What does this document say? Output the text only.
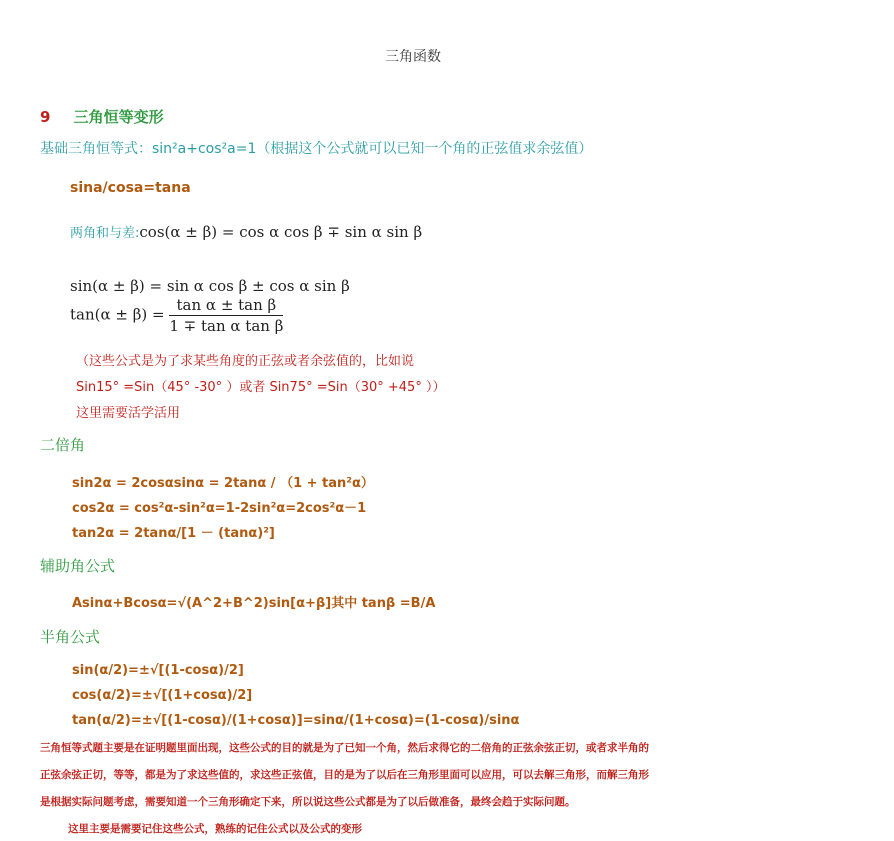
三角函数
9 三角恒等变形
基础三角恒等式：sin²a+cos²a=1（根据这个公式就可以已知一个角的正弦值求余弦值）
sina/cosa=tana
两角和与差:cos(α ± β) = cos α cos β ∓ sin α sin β
sin(α ± β) = sin α cos β ± cos α sin β
$\tan(\alpha \pm \beta) = \frac{\text{tan α ± tan β}}{\text{1 ∓ tan α tan β}}$
（这些公式是为了求某些角度的正弦或者余弦值的，比如说
Sin15° =Sin（45° -30° ）或者 Sin75° =Sin（30° +45° ））
这里需要活学活用
二倍角
sin2α = 2cosαsinα = 2tanα / （1 + tan²α）
cos2α = cos²α-sin²α=1-2sin²α=2cos²α－1
tan2α = 2tanα/[1 － (tanα)²]
辅助角公式
Asinα+Bcosα=√(A^2+B^2)sin[α+β]其中 tanβ =B/A
半角公式
sin(α/2)=±√[(1-cosα)/2]
cos(α/2)=±√[(1+cosα)/2]
tan(α/2)=±√[(1-cosα)/(1+cosα)]=sinα/(1+cosα)=(1-cosα)/sinα
三角恒等式题主要是在证明题里面出现，这些公式的目的就是为了已知一个角，然后求得它的二倍角的正弦余弦正切，或者求半角的
正弦余弦正切，等等，都是为了求这些值的，求这些正弦值，目的是为了以后在三角形里面可以应用，可以去解三角形，而解三角形
是根据实际问题考虑，需要知道一个三角形确定下来，所以说这些公式都是为了以后做准备，最终会趋于实际问题。
这里主要是需要记住这些公式，熟练的记住公式以及公式的变形
